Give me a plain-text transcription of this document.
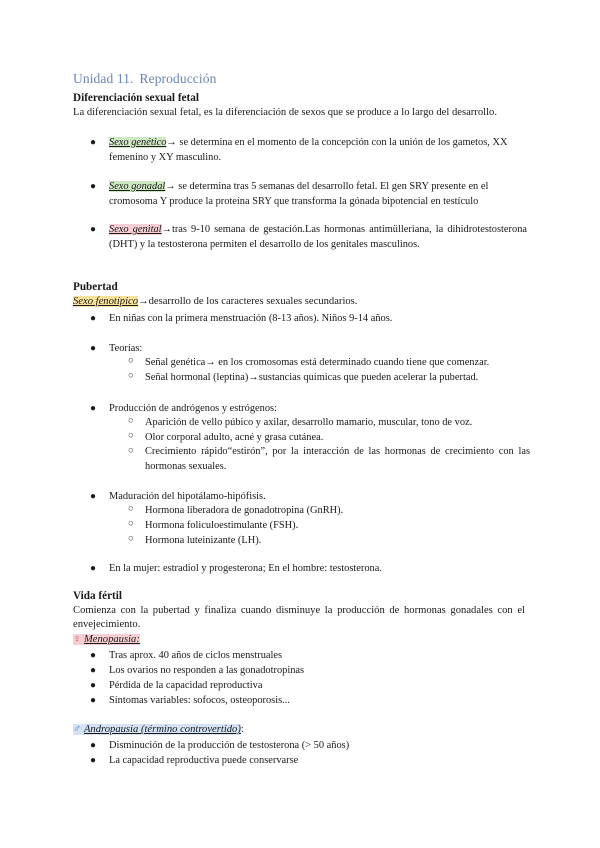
Unidad 11. Reproducción
Diferenciación sexual fetal
La diferenciación sexual fetal, es la diferenciación de sexos que se produce a lo largo del desarrollo.
● Sexo genético→ se determina en el momento de la concepción con la unión de los gametos, XX femenino y XY masculino.
● Sexo gonadal→ se determina tras 5 semanas del desarrollo fetal. El gen SRY presente en el cromosoma Y produce la proteína SRY que transforma la gónada bipotencial en testículo
● Sexo genital→tras 9-10 semana de gestación.Las hormonas antimülleriana, la dihidrotestosterona (DHT) y la testosterona permiten el desarrollo de los genitales masculinos.
Pubertad
Sexo fenotípico→desarrollo de los caracteres sexuales secundarios.
● En niñas con la primera menstruación (8-13 años). Niños 9-14 años.
● Teorías:
○ Señal genética→ en los cromosomas está determinado cuando tiene que comenzar.
○ Señal hormonal (leptina)→sustancias químicas que pueden acelerar la pubertad.
● Producción de andrógenos y estrógenos:
○ Aparición de vello púbico y axilar, desarrollo mamario, muscular, tono de voz.
○ Olor corporal adulto, acné y grasa cutánea.
○ Crecimiento rápido“estirón”, por la interacción de las hormonas de crecimiento con las hormonas sexuales.
● Maduración del hipotálamo-hipófisis.
○ Hormona liberadora de gonadotropina (GnRH).
○ Hormona foliculoestimulante (FSH).
○ Hormona luteinizante (LH).
● En la mujer: estradiol y progesterona; En el hombre: testosterona.
Vida fértil
Comienza con la pubertad y finaliza cuando disminuye la producción de hormonas gonadales con el envejecimiento.
♀ Menopausia:
● Tras aprox. 40 años de ciclos menstruales
● Los ovarios no responden a las gonadotropinas
● Pérdida de la capacidad reproductiva
● Síntomas variables: sofocos, osteoporosis...
♂ Andropausia (término controvertido):
● Disminución de la producción de testosterona (> 50 años)
● La capacidad reproductiva puede conservarse
